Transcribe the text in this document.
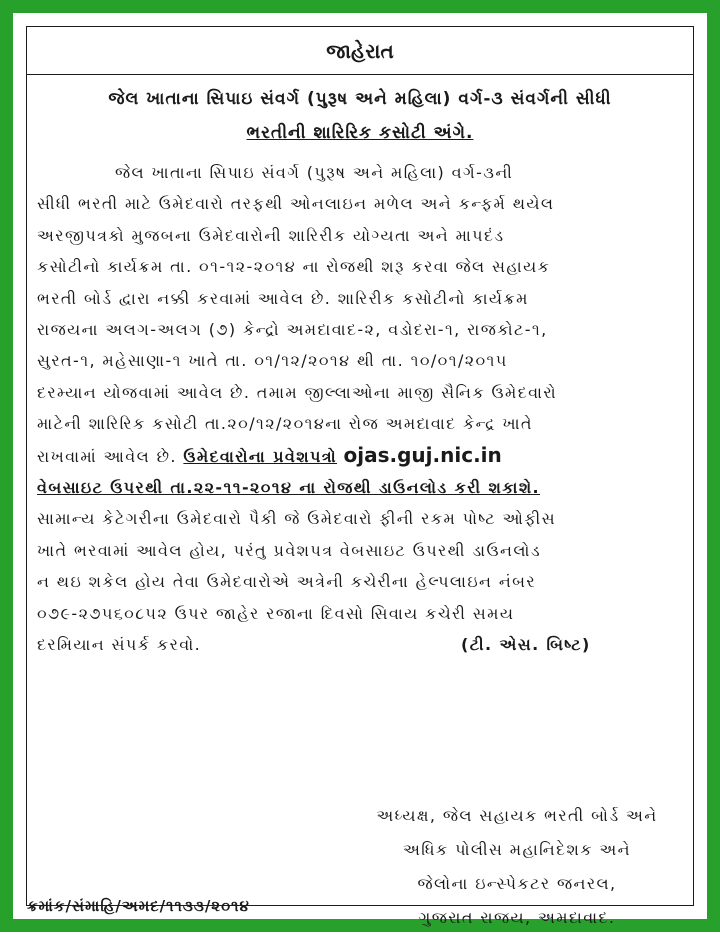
જાહેરાત
જેલ ખાતાના સિપાઇ સંવર્ગ (પુરૂષ અને મહિલા) વર્ગ-૩ સંવર્ગની સીધી
ભરતીની શારિરિક કસોટી અંગે.
જેલ ખાતાના સિપાઇ સંવર્ગ (પુરૂષ અને મહિલા) વર્ગ-૩ની
સીધી ભરતી માટે ઉમેદવારો તરફથી ઓનલાઇન મળેલ અને કન્ફર્મ થયેલ
અરજીપત્રકો મુજબના ઉમેદવારોની શારિરીક યોગ્યતા અને માપદંડ
કસોટીનો કાર્યક્રમ તા. ૦૧-૧૨-૨૦૧૪ ના રોજથી શરૂ કરવા જેલ સહાયક
ભરતી બોર્ડ દ્વારા નક્કી કરવામાં આવેલ છે. શારિરીક કસોટીનો કાર્યક્રમ
રાજયના અલગ-અલગ (૭) કેન્દ્રો અમદાવાદ-૨, વડોદરા-૧, રાજકોટ-૧,
સુરત-૧, મહેસાણા-૧ ખાતે તા. ૦૧/૧૨/૨૦૧૪ થી તા. ૧૦/૦૧/૨૦૧૫
દરમ્યાન યોજવામાં આવેલ છે. તમામ જીલ્લાઓના માજી સૈનિક ઉમેદવારો
માટેની શારિરિક કસોટી તા.૨૦/૧૨/૨૦૧૪ના રોજ અમદાવાદ કેન્દ્ર ખાતે
રાખવામાં આવેલ છે. ઉમેદવારોના પ્રવેશપત્રો ojas.guj.nic.in
વેબસાઇટ ઉપરથી તા.૨૨-૧૧-૨૦૧૪ ના રોજથી ડાઉનલોડ કરી શકાશે.
સામાન્ય કેટેગરીના ઉમેદવારો પૈકી જે ઉમેદવારો ફીની રકમ પોષ્ટ ઓફીસ
ખાતે ભરવામાં આવેલ હોય, પરંતુ પ્રવેશપત્ર વેબસાઇટ ઉપરથી ડાઉનલોડ
ન થઇ શકેલ હોય તેવા ઉમેદવારોએ અત્રેની કચેરીના હેલ્પલાઇન નંબર
૦૭૯-૨૭૫૬૦૮૫૨ ઉપર જાહેર રજાના દિવસો સિવાય કચેરી સમય
દરમિયાન સંપર્ક કરવો.	(ટી. એસ. બિષ્ટ)
અધ્યક્ષ, જેલ સહાયક ભરતી બોર્ડ અને
અધિક પોલીસ મહાનિદેશક અને
જેલોના ઇન્સ્પેકટર જનરલ,
ગુજરાત રાજય, અમદાવાદ.
ક્રમાંક/સંમાહિ/અમદ/૧૧૩૩/૨૦૧૪
